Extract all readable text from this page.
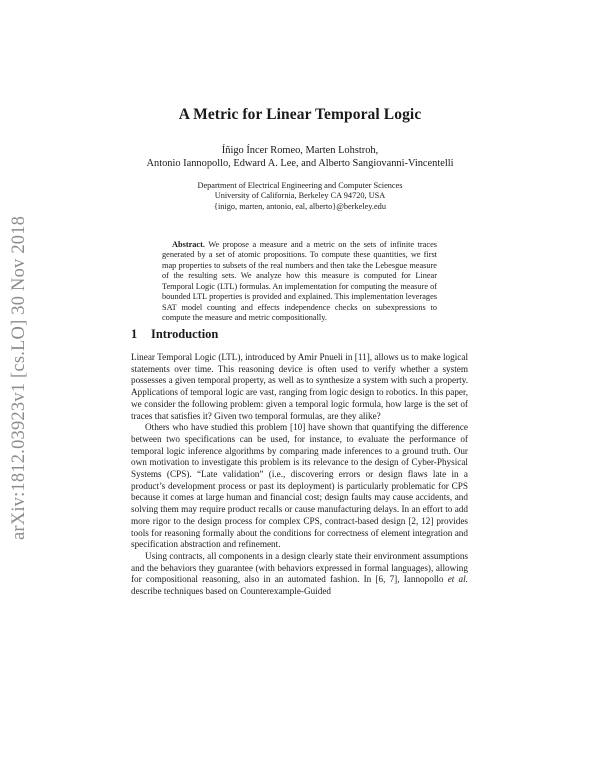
arXiv:1812.03923v1 [cs.LO] 30 Nov 2018
A Metric for Linear Temporal Logic
Íñigo Íncer Romeo, Marten Lohstroh,
Antonio Iannopollo, Edward A. Lee, and Alberto Sangiovanni-Vincentelli
Department of Electrical Engineering and Computer Sciences
University of California, Berkeley CA 94720, USA
{inigo, marten, antonio, eal, alberto}@berkeley.edu
Abstract. We propose a measure and a metric on the sets of infinite traces generated by a set of atomic propositions. To compute these quantities, we first map properties to subsets of the real numbers and then take the Lebesgue measure of the resulting sets. We analyze how this measure is computed for Linear Temporal Logic (LTL) formulas. An implementation for computing the measure of bounded LTL properties is provided and explained. This implementation leverages SAT model counting and effects independence checks on subexpressions to compute the measure and metric compositionally.
1 Introduction

Linear Temporal Logic (LTL), introduced by Amir Pnueli in [11], allows us to make logical statements over time. This reasoning device is often used to verify whether a system possesses a given temporal property, as well as to synthesize a system with such a property. Applications of temporal logic are vast, ranging from logic design to robotics. In this paper, we consider the following problem: given a temporal logic formula, how large is the set of traces that satisfies it? Given two temporal formulas, are they alike?

Others who have studied this problem [10] have shown that quantifying the difference between two specifications can be used, for instance, to evaluate the performance of temporal logic inference algorithms by comparing made inferences to a ground truth. Our own motivation to investigate this problem is its relevance to the design of Cyber-Physical Systems (CPS). “Late validation” (i.e., discovering errors or design flaws late in a product’s development process or past its deployment) is particularly problematic for CPS because it comes at large human and financial cost; design faults may cause accidents, and solving them may require product recalls or cause manufacturing delays. In an effort to add more rigor to the design process for complex CPS, contract-based design [2, 12] provides tools for reasoning formally about the conditions for correctness of element integration and specification abstraction and refinement.

Using contracts, all components in a design clearly state their environment assumptions and the behaviors they guarantee (with behaviors expressed in formal languages), allowing for compositional reasoning, also in an automated fashion. In [6, 7], Iannopollo et al. describe techniques based on Counterexample-Guided
